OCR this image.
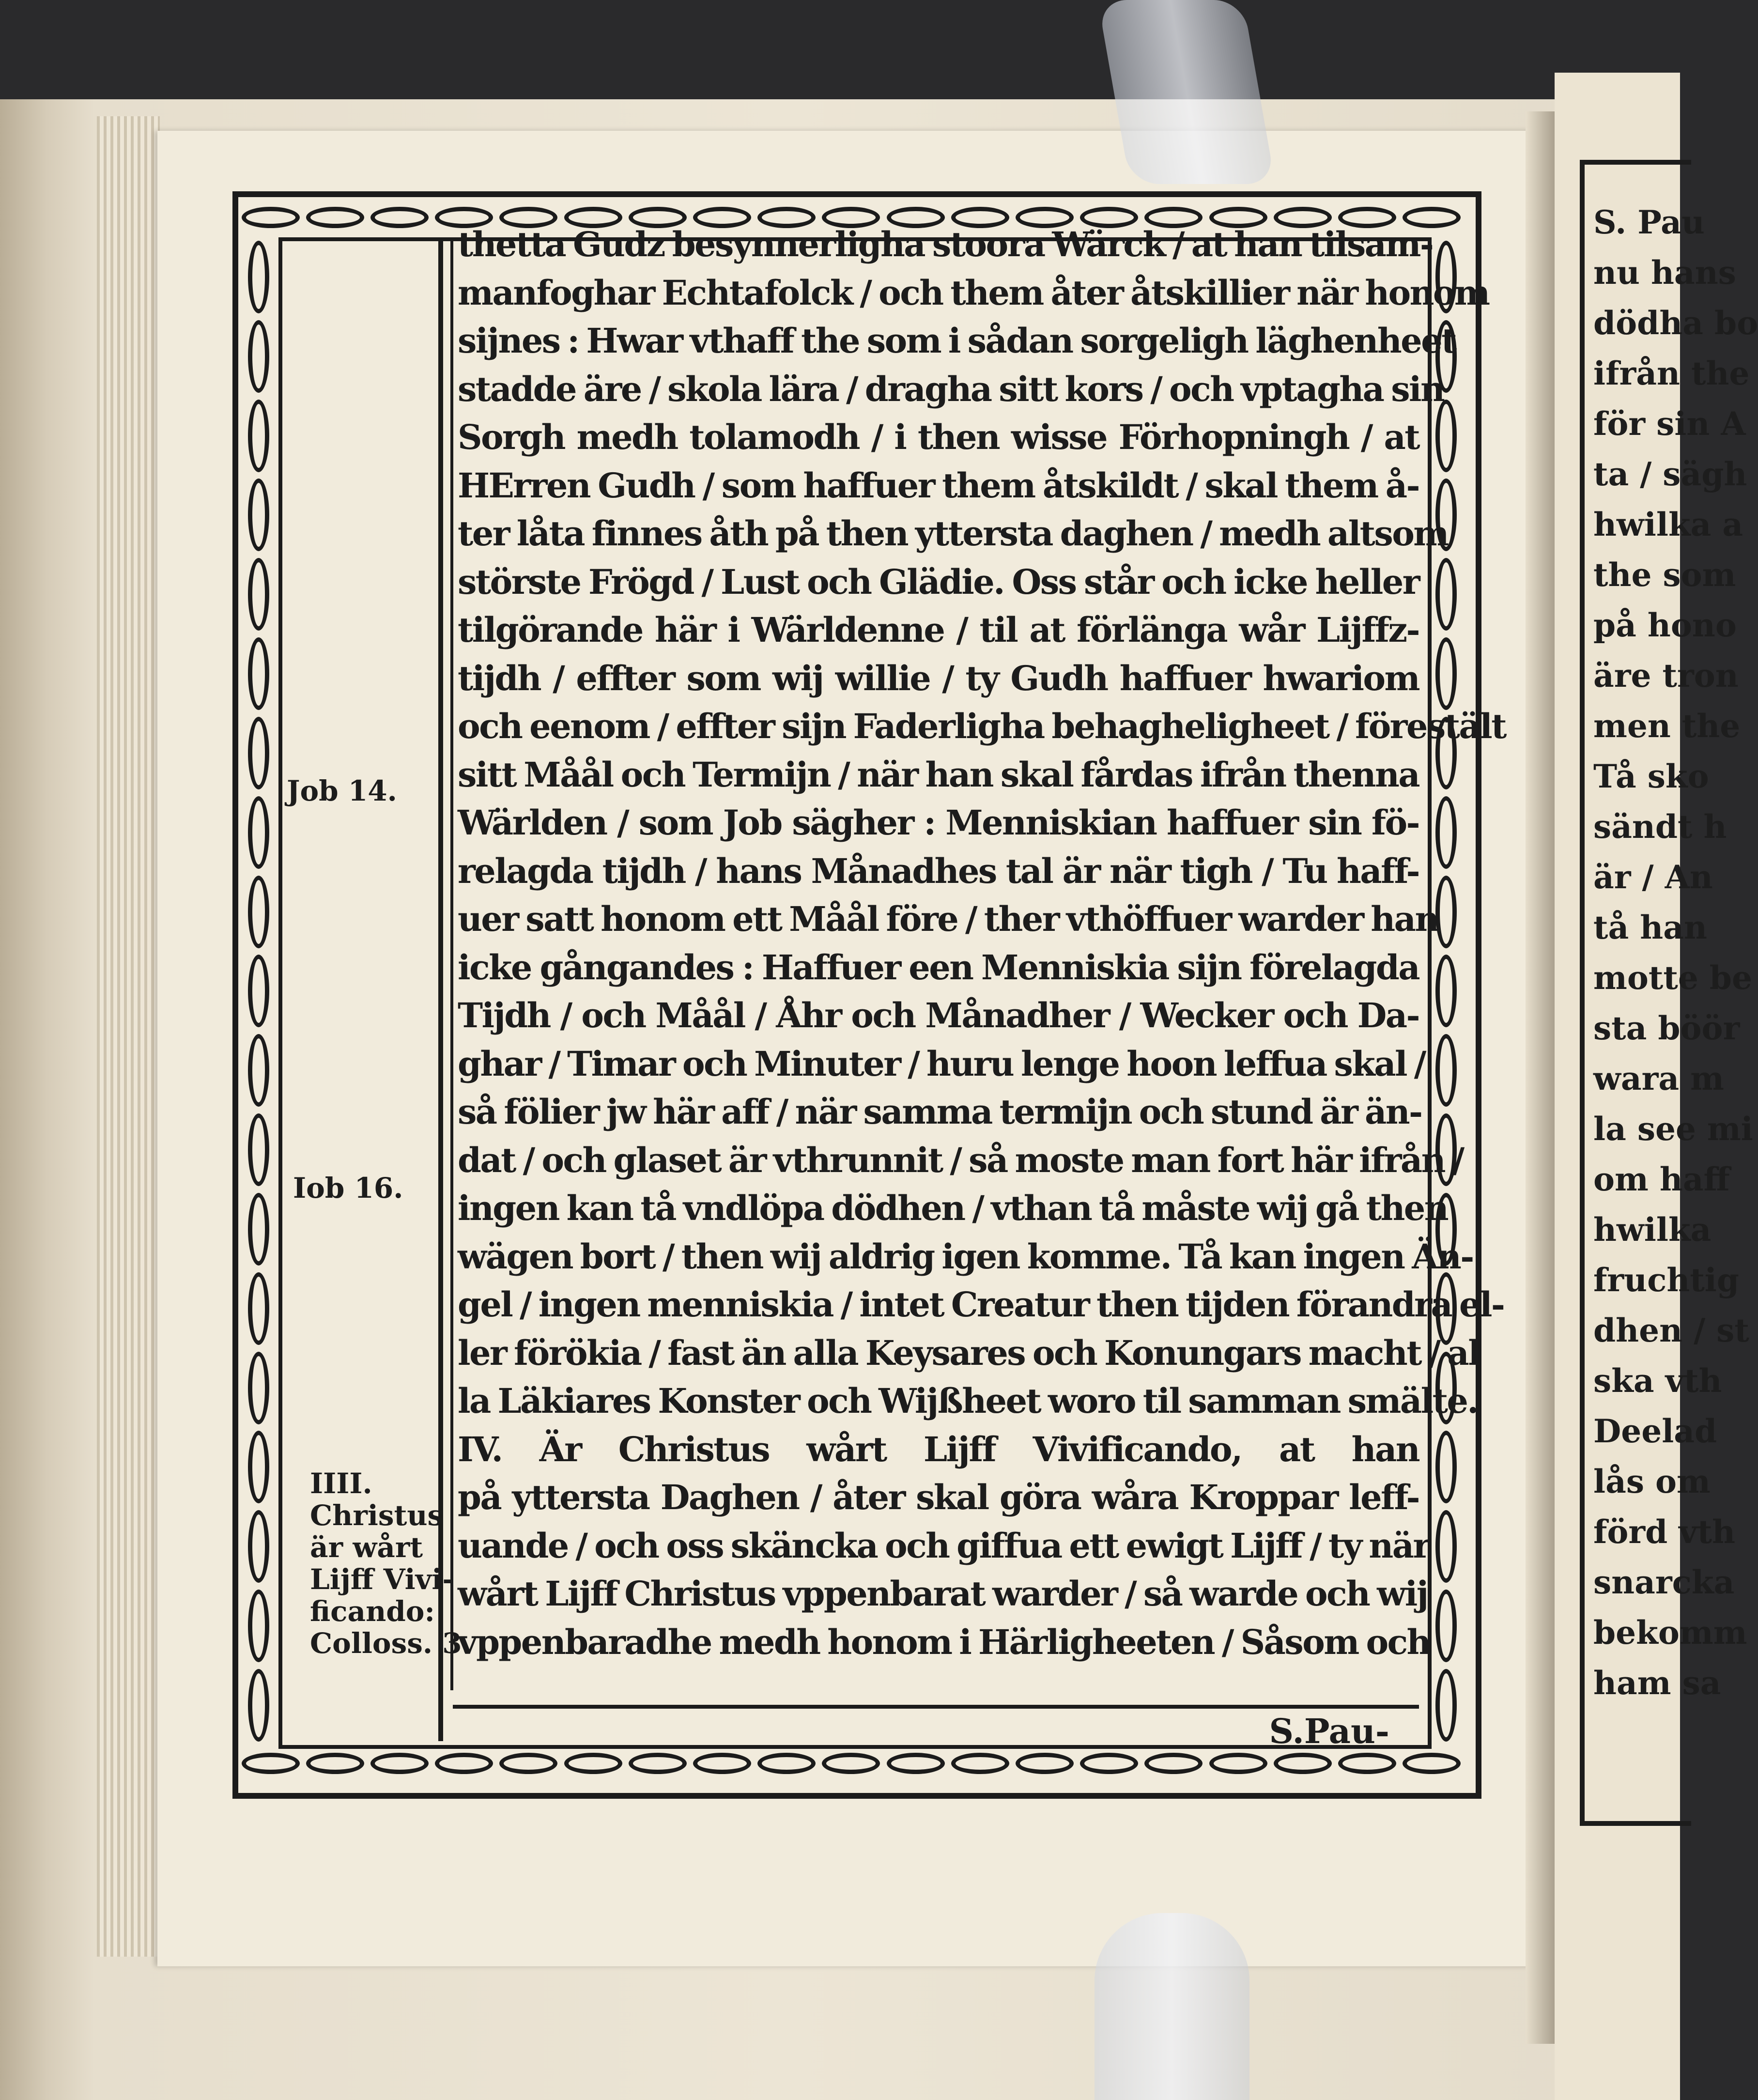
S. Pau
nu hans
dödha bo
ifrån the
för sin A
ta / sägh
hwilka a
the som
på hono
äre tron
men the
Tå sko
sändt h
är / An
tå han
motte be
sta böör
wara m
la see mi
om haff
hwilka
fruchtig
dhen / st
ska vth
Deelad
lås om
förd vth
snarcka
bekomm
ham sa
Job 14.
Iob 16.
IIII.
Christus
är wårt
Lijff Vivi-
ficando:
Colloss. 3.
thetta Gudz besynnerligha stoora Wärck / at han tilsam-
manfoghar Echtafolck / och them åter åtskillier när honom
sijnes : Hwar vthaff the som i sådan sorgeligh läghenheet
stadde äre / skola lära / dragha sitt kors / och vptagha sin
Sorgh medh tolamodh / i then wisse Förhopningh / at
HErren Gudh / som haffuer them åtskildt / skal them å-
ter låta finnes åth på then yttersta daghen / medh altsom
störste Frögd / Lust och Glädie. Oss står och icke heller
tilgörande här i Wärldenne / til at förlänga wår Lijffz-
tijdh / effter som wij willie / ty Gudh haffuer hwariom
och eenom / effter sijn Faderligha behagheligheet / förestält
sitt Måål och Termijn / när han skal fårdas ifrån thenna
Wärlden / som Job sägher : Menniskian haffuer sin fö-
relagda tijdh / hans Månadhes tal är när tigh / Tu haff-
uer satt honom ett Måål före / ther vthöffuer warder han
icke gångandes : Haffuer een Menniskia sijn förelagda
Tijdh / och Måål / Åhr och Månadher / Wecker och Da-
ghar / Timar och Minuter / huru lenge hoon leffua skal /
så fölier jw här aff / när samma termijn och stund är än-
dat / och glaset är vthrunnit / så moste man fort här ifrån /
ingen kan tå vndlöpa dödhen / vthan tå måste wij gå then
wägen bort / then wij aldrig igen komme. Tå kan ingen Än-
gel / ingen menniskia / intet Creatur then tijden förandra el-
ler förökia / fast än alla Keysares och Konungars macht / al
la Läkiares Konster och Wijßheet woro til samman smälte.
IV. Är Christus wårt Lijff Vivificando, at han
på yttersta Daghen / åter skal göra wåra Kroppar leff-
uande / och oss skäncka och giffua ett ewigt Lijff / ty när
wårt Lijff Christus vppenbarat warder / så warde och wij
vppenbaradhe medh honom i Härligheeten / Såsom och
S.Pau-
